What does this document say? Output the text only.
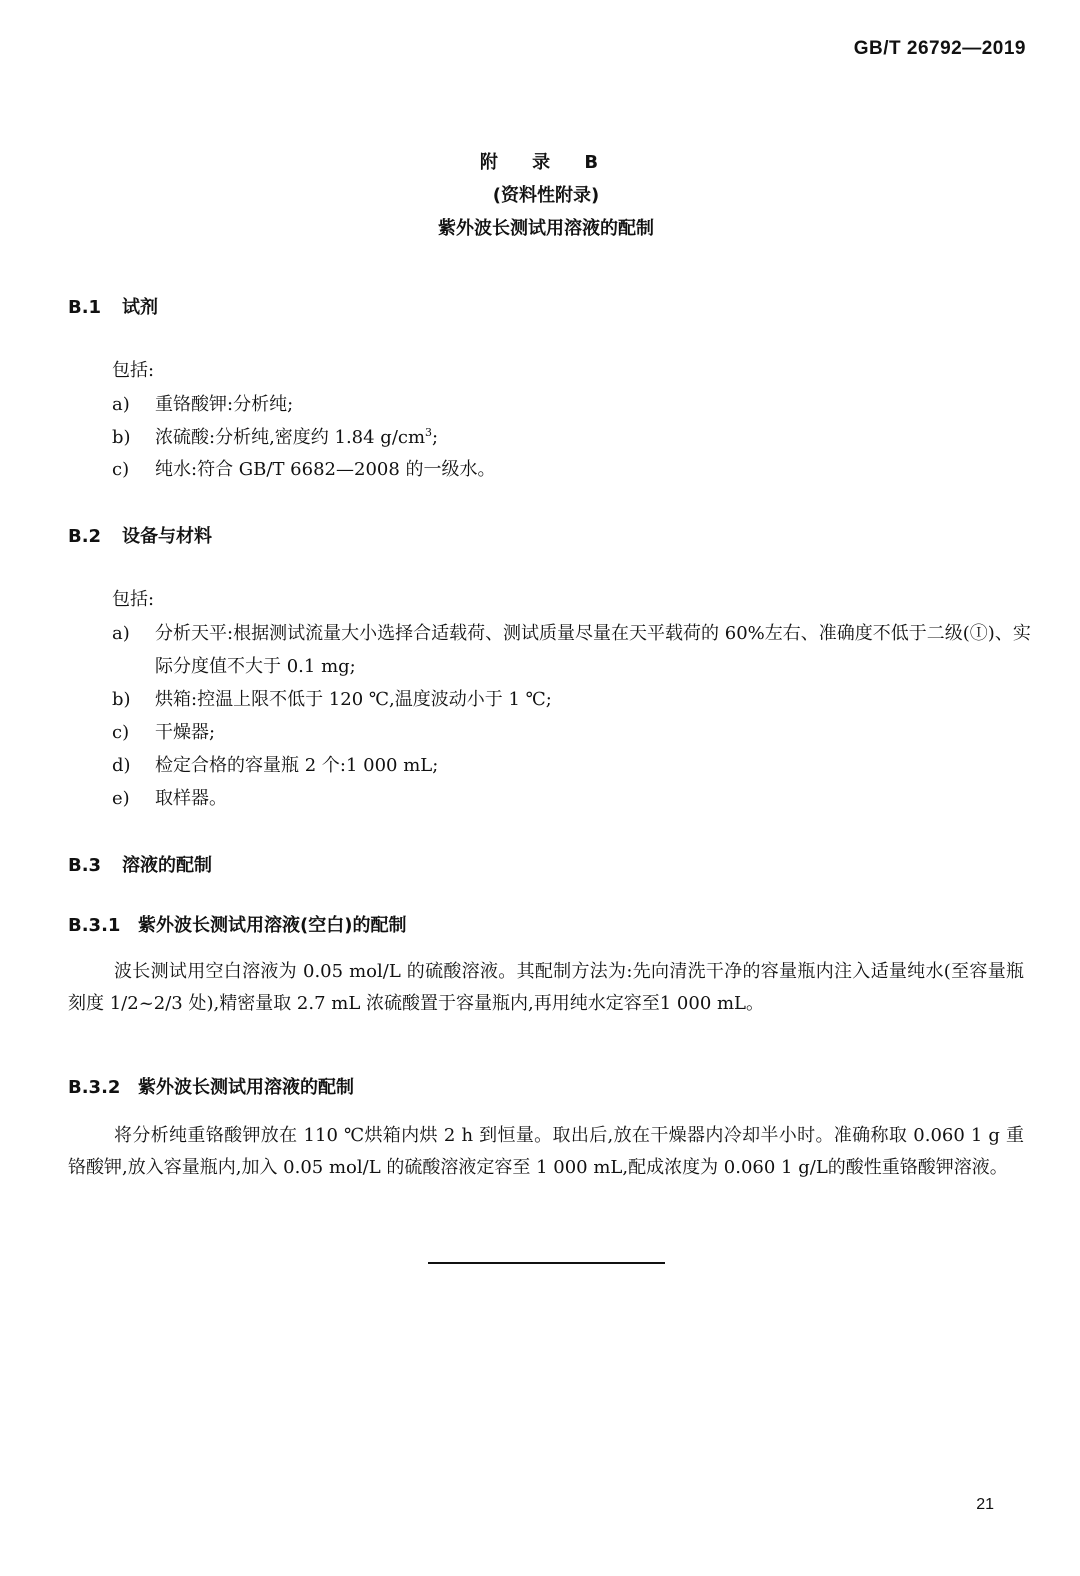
GB/T 26792—2019
附 录 B
(资料性附录)
紫外波长测试用溶液的配制
B.1 试剂
包括:
a) 重铬酸钾:分析纯;
b) 浓硫酸:分析纯,密度约 1.84 $g/cm^3$;
c) 纯水:符合 GB/T 6682—2008 的一级水。
B.2 设备与材料
包括:
a) 分析天平:根据测试流量大小选择合适载荷、测试质量尽量在天平载荷的 60%左右、准确度不低于二级(Ⓘ)、实际分度值不大于 0.1 mg;
b) 烘箱:控温上限不低于 120 ℃,温度波动小于 1 ℃;
c) 干燥器;
d) 检定合格的容量瓶 2 个:1 000 mL;
e) 取样器。
B.3 溶液的配制
B.3.1 紫外波长测试用溶液(空白)的配制
波长测试用空白溶液为 0.05 mol/L 的硫酸溶液。其配制方法为:先向清洗干净的容量瓶内注入适量纯水(至容量瓶刻度 1/2~2/3 处),精密量取 2.7 mL 浓硫酸置于容量瓶内,再用纯水定容至1 000 mL。
B.3.2 紫外波长测试用溶液的配制
将分析纯重铬酸钾放在 110 ℃烘箱内烘 2 h 到恒量。取出后,放在干燥器内冷却半小时。准确称取 0.060 1 g 重铬酸钾,放入容量瓶内,加入 0.05 mol/L 的硫酸溶液定容至 1 000 mL,配成浓度为 0.060 1 g/L的酸性重铬酸钾溶液。
21
